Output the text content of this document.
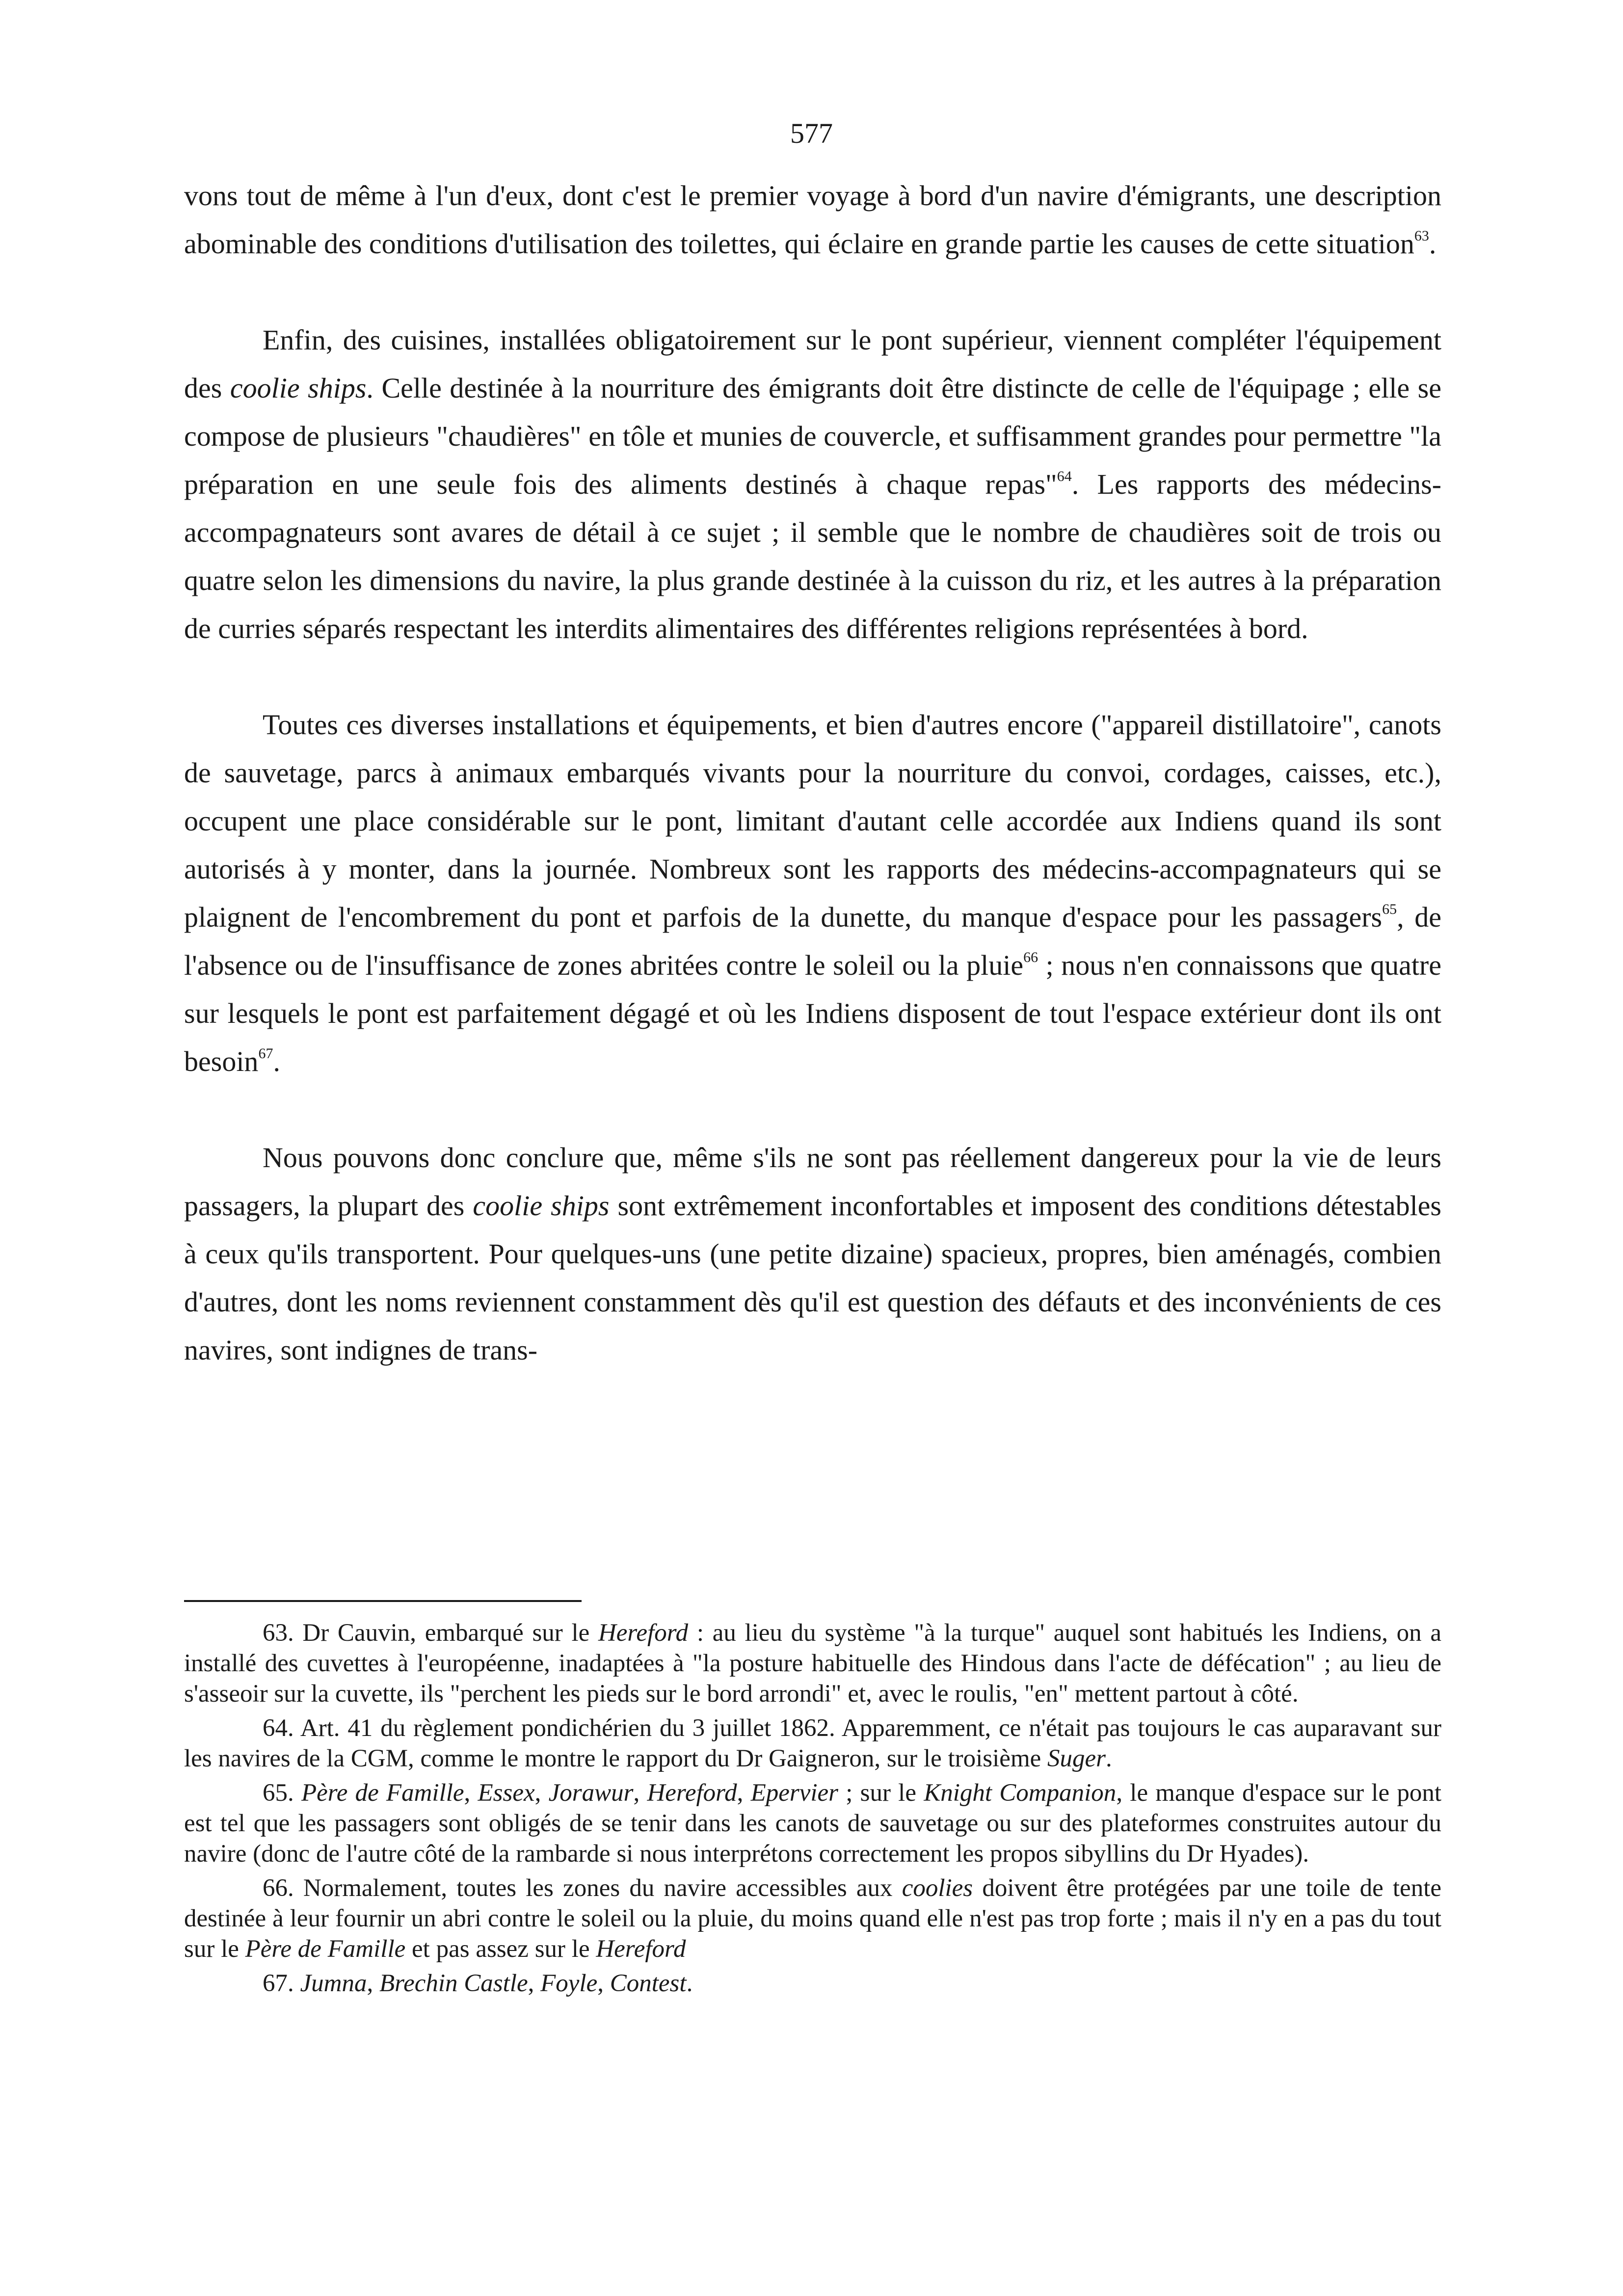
577

vons tout de même à l'un d'eux, dont c'est le premier voyage à bord d'un navire d'émigrants, une description abominable des conditions d'utilisation des toilettes, qui éclaire en grande partie les causes de cette situation$^{63}$.

Enfin, des cuisines, installées obligatoirement sur le pont supérieur, viennent compléter l'équipement des coolie ships. Celle destinée à la nourriture des émigrants doit être distincte de celle de l'équipage ; elle se compose de plusieurs "chaudières" en tôle et munies de couvercle, et suffisamment grandes pour permettre "la préparation en une seule fois des aliments destinés à chaque repas"$^{64}$. Les rapports des médecins-accompagnateurs sont avares de détail à ce sujet ; il semble que le nombre de chaudières soit de trois ou quatre selon les dimensions du navire, la plus grande destinée à la cuisson du riz, et les autres à la préparation de curries séparés respectant les interdits alimentaires des différentes religions représentées à bord.

Toutes ces diverses installations et équipements, et bien d'autres encore ("appareil distillatoire", canots de sauvetage, parcs à animaux embarqués vivants pour la nourriture du convoi, cordages, caisses, etc.), occupent une place considérable sur le pont, limitant d'autant celle accordée aux Indiens quand ils sont autorisés à y monter, dans la journée. Nombreux sont les rapports des médecins-accompagnateurs qui se plaignent de l'encombrement du pont et parfois de la dunette, du manque d'espace pour les passagers$^{65}$, de l'absence ou de l'insuffisance de zones abritées contre le soleil ou la pluie$^{66}$ ; nous n'en connaissons que quatre sur lesquels le pont est parfaitement dégagé et où les Indiens disposent de tout l'espace extérieur dont ils ont besoin$^{67}$.

Nous pouvons donc conclure que, même s'ils ne sont pas réellement dangereux pour la vie de leurs passagers, la plupart des coolie ships sont extrêmement inconfortables et imposent des conditions détestables à ceux qu'ils transportent. Pour quelques-uns (une petite dizaine) spacieux, propres, bien aménagés, combien d'autres, dont les noms reviennent constamment dès qu'il est question des défauts et des inconvénients de ces navires, sont indignes de trans-

63. Dr Cauvin, embarqué sur le Hereford : au lieu du système "à la turque" auquel sont habitués les Indiens, on a installé des cuvettes à l'européenne, inadaptées à "la posture habituelle des Hindous dans l'acte de défécation" ; au lieu de s'asseoir sur la cuvette, ils "perchent les pieds sur le bord arrondi" et, avec le roulis, "en" mettent partout à côté.

64. Art. 41 du règlement pondichérien du 3 juillet 1862. Apparemment, ce n'était pas toujours le cas auparavant sur les navires de la CGM, comme le montre le rapport du Dr Gaigneron, sur le troisième Suger.

65. Père de Famille, Essex, Jorawur, Hereford, Epervier ; sur le Knight Companion, le manque d'espace sur le pont est tel que les passagers sont obligés de se tenir dans les canots de sauvetage ou sur des plateformes construites autour du navire (donc de l'autre côté de la rambarde si nous interprétons correctement les propos sibyllins du Dr Hyades).

66. Normalement, toutes les zones du navire accessibles aux coolies doivent être protégées par une toile de tente destinée à leur fournir un abri contre le soleil ou la pluie, du moins quand elle n'est pas trop forte ; mais il n'y en a pas du tout sur le Père de Famille et pas assez sur le Hereford

67. Jumna, Brechin Castle, Foyle, Contest.
